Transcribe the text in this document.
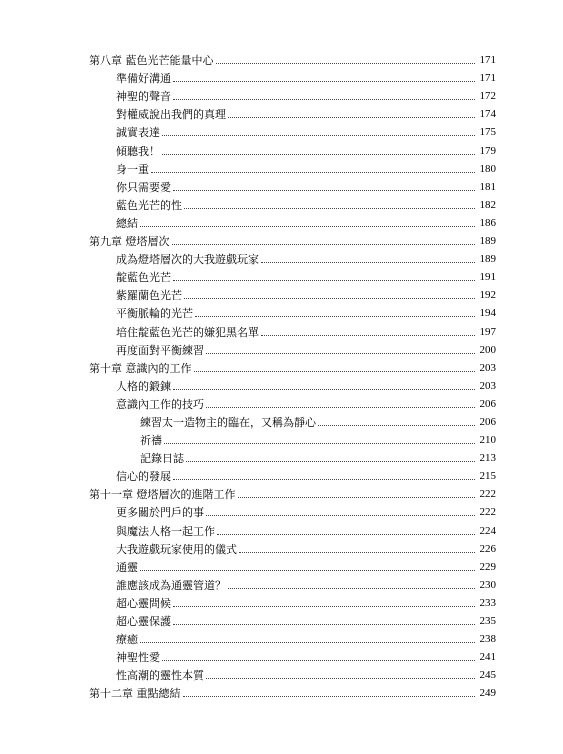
第八章 藍色光芒能量中心	171
準備好溝通	171
神聖的聲音	172
對權威說出我們的真理	174
誠實表達	175
傾聽我！	179
身一重	180
你只需要愛	181
藍色光芒的性	182
總結	186
第九章 燈塔層次	189
成為燈塔層次的大我遊戲玩家	189
靛藍色光芒	191
紫羅蘭色光芒	192
平衡脈輪的光芒	194
培住靛藍色光芒的嫌犯黑名單	197
再度面對平衡練習	200
第十章 意識內的工作	203
人格的鍛鍊	203
意識內工作的技巧	206
練習太一造物主的臨在，又稱為靜心	206
祈禱	210
記錄日誌	213
信心的發展	215
第十一章 燈塔層次的進階工作	222
更多關於門戶的事	222
與魔法人格一起工作	224
大我遊戲玩家使用的儀式	226
通靈	229
誰應該成為通靈管道？	230
超心靈問候	233
超心靈保護	235
療癒	238
神聖性愛	241
性高潮的靈性本質	245
第十二章 重點總結	249
